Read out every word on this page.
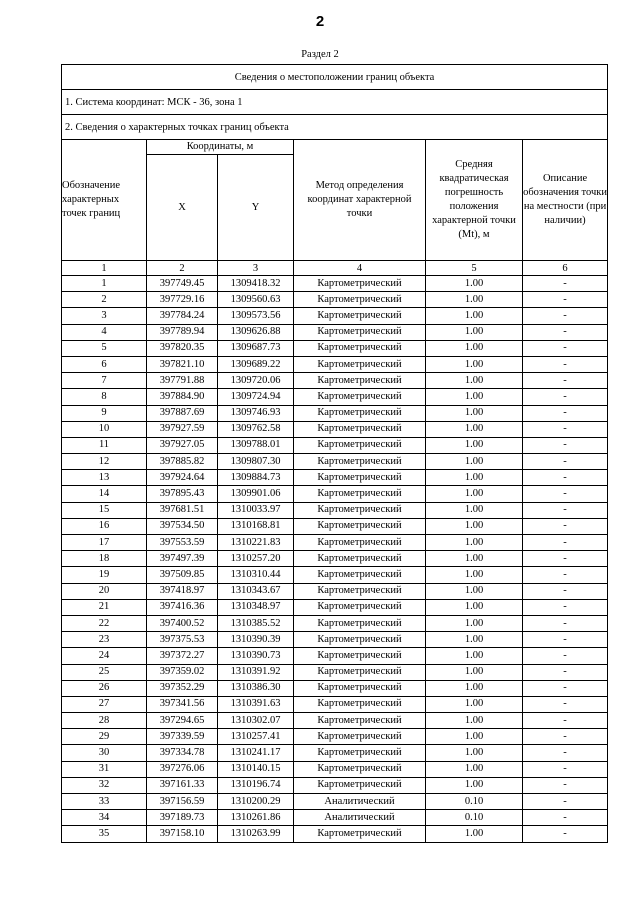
2
Раздел 2
Сведения о местоположении границ объекта					
1. Система координат: МСК - 36, зона 1					
2. Сведения о характерных точках границ объекта					
Обозначение характерных точек границ	Координаты, м		Метод определения координат характерной точки	Средняя квадратическая погрешность положения характерной точки (Mt), м	Описание обозначения точки на местности (при наличии)
	X	Y			
1	2	3	4	5	6
1	397749.45	1309418.32	Картометрический	1.00	-
2	397729.16	1309560.63	Картометрический	1.00	-
3	397784.24	1309573.56	Картометрический	1.00	-
4	397789.94	1309626.88	Картометрический	1.00	-
5	397820.35	1309687.73	Картометрический	1.00	-
6	397821.10	1309689.22	Картометрический	1.00	-
7	397791.88	1309720.06	Картометрический	1.00	-
8	397884.90	1309724.94	Картометрический	1.00	-
9	397887.69	1309746.93	Картометрический	1.00	-
10	397927.59	1309762.58	Картометрический	1.00	-
11	397927.05	1309788.01	Картометрический	1.00	-
12	397885.82	1309807.30	Картометрический	1.00	-
13	397924.64	1309884.73	Картометрический	1.00	-
14	397895.43	1309901.06	Картометрический	1.00	-
15	397681.51	1310033.97	Картометрический	1.00	-
16	397534.50	1310168.81	Картометрический	1.00	-
17	397553.59	1310221.83	Картометрический	1.00	-
18	397497.39	1310257.20	Картометрический	1.00	-
19	397509.85	1310310.44	Картометрический	1.00	-
20	397418.97	1310343.67	Картометрический	1.00	-
21	397416.36	1310348.97	Картометрический	1.00	-
22	397400.52	1310385.52	Картометрический	1.00	-
23	397375.53	1310390.39	Картометрический	1.00	-
24	397372.27	1310390.73	Картометрический	1.00	-
25	397359.02	1310391.92	Картометрический	1.00	-
26	397352.29	1310386.30	Картометрический	1.00	-
27	397341.56	1310391.63	Картометрический	1.00	-
28	397294.65	1310302.07	Картометрический	1.00	-
29	397339.59	1310257.41	Картометрический	1.00	-
30	397334.78	1310241.17	Картометрический	1.00	-
31	397276.06	1310140.15	Картометрический	1.00	-
32	397161.33	1310196.74	Картометрический	1.00	-
33	397156.59	1310200.29	Аналитический	0.10	-
34	397189.73	1310261.86	Аналитический	0.10	-
35	397158.10	1310263.99	Картометрический	1.00	-
